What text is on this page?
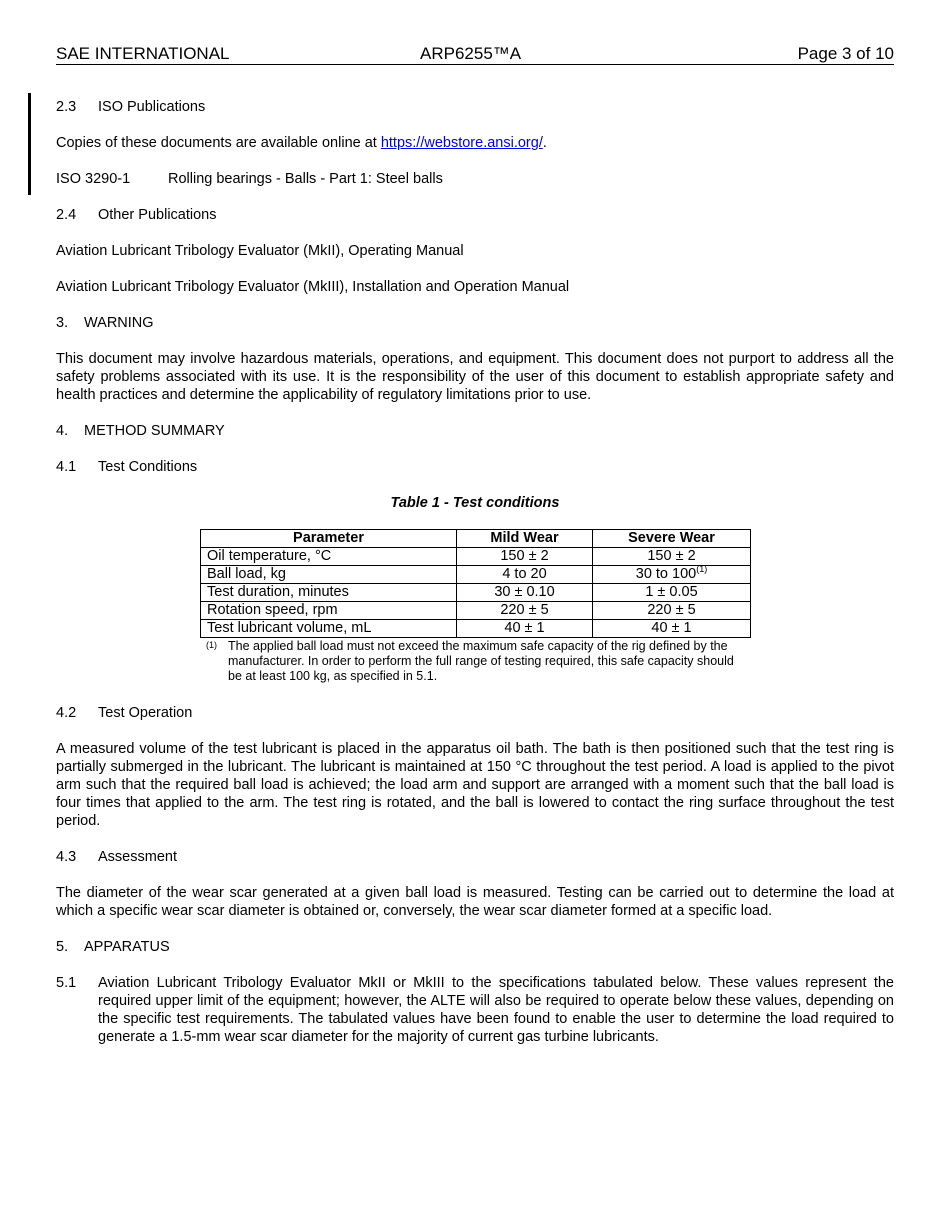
SAE INTERNATIONAL	ARP6255™A	Page 3 of 10
2.3 ISO Publications
Copies of these documents are available online at https://webstore.ansi.org/.
ISO 3290-1	Rolling bearings - Balls - Part 1: Steel balls
2.4 Other Publications
Aviation Lubricant Tribology Evaluator (MkII), Operating Manual
Aviation Lubricant Tribology Evaluator (MkIII), Installation and Operation Manual
3. WARNING
This document may involve hazardous materials, operations, and equipment. This document does not purport to address all the safety problems associated with its use. It is the responsibility of the user of this document to establish appropriate safety and health practices and determine the applicability of regulatory limitations prior to use.
4. METHOD SUMMARY
4.1 Test Conditions
Table 1 - Test conditions
Parameter	Mild Wear	Severe Wear
Oil temperature, °C	150 ± 2	150 ± 2
Ball load, kg	4 to 20	30 to 100$^{(1)}$
Test duration, minutes	30 ± 0.10	1 ± 0.05
Rotation speed, rpm	220 ± 5	220 ± 5
Test lubricant volume, mL	40 ± 1	40 ± 1
(1) The applied ball load must not exceed the maximum safe capacity of the rig defined by the manufacturer. In order to perform the full range of testing required, this safe capacity should be at least 100 kg, as specified in 5.1.
4.2 Test Operation
A measured volume of the test lubricant is placed in the apparatus oil bath. The bath is then positioned such that the test ring is partially submerged in the lubricant. The lubricant is maintained at 150 °C throughout the test period. A load is applied to the pivot arm such that the required ball load is achieved; the load arm and support are arranged with a moment such that the ball load is four times that applied to the arm. The test ring is rotated, and the ball is lowered to contact the ring surface throughout the test period.
4.3 Assessment
The diameter of the wear scar generated at a given ball load is measured. Testing can be carried out to determine the load at which a specific wear scar diameter is obtained or, conversely, the wear scar diameter formed at a specific load.
5. APPARATUS
5.1	Aviation Lubricant Tribology Evaluator MkII or MkIII to the specifications tabulated below. These values represent the required upper limit of the equipment; however, the ALTE will also be required to operate below these values, depending on the specific test requirements. The tabulated values have been found to enable the user to determine the load required to generate a 1.5-mm wear scar diameter for the majority of current gas turbine lubricants.
